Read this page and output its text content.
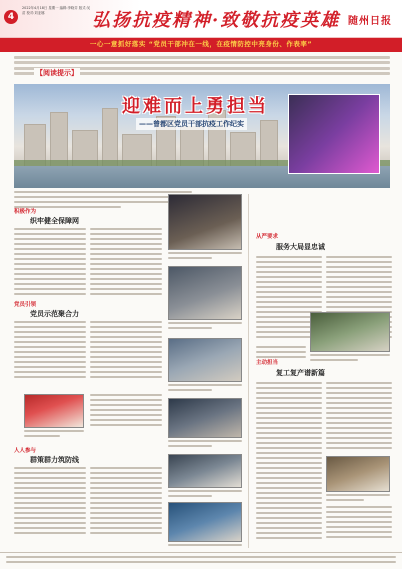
4
2022年4月18日 星期一 编辑:李晓芬 版式:吴苗 校对:刘亚娜	弘扬抗疫精神·致敬抗疫英雄 随州日报
一心一意抓好落实 “党员干部冲在一线，在疫情防控中亮身份、作表率”
【阅读提示】
迎难而上勇担当
——曾都区党员干部抗疫工作纪实
积极作为
织牢健全保障网
党员引领
党员示范聚合力
人人参与
群策群力筑防线
从严要求
服务大局显忠诚
主动担当
复工复产谱新篇
